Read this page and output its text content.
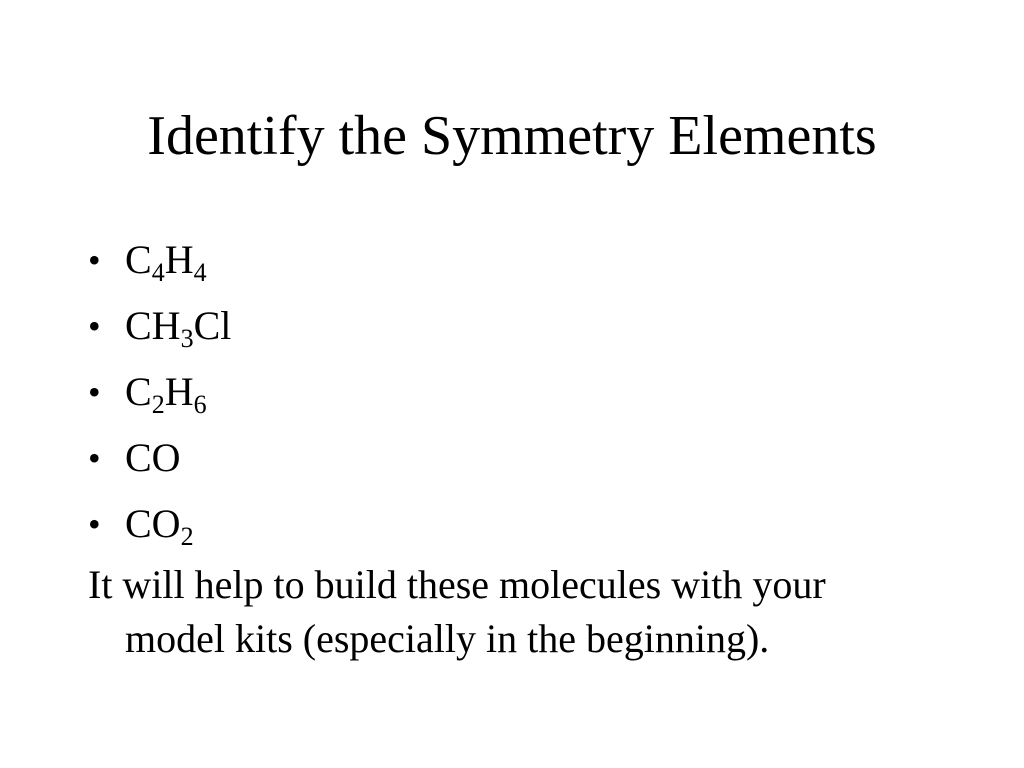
Identify the Symmetry Elements
• $C_4H_4$
• $CH_3Cl$
• $C_2H_6$
• CO
• $CO_2$

It will help to build these molecules with your
model kits (especially in the beginning).
